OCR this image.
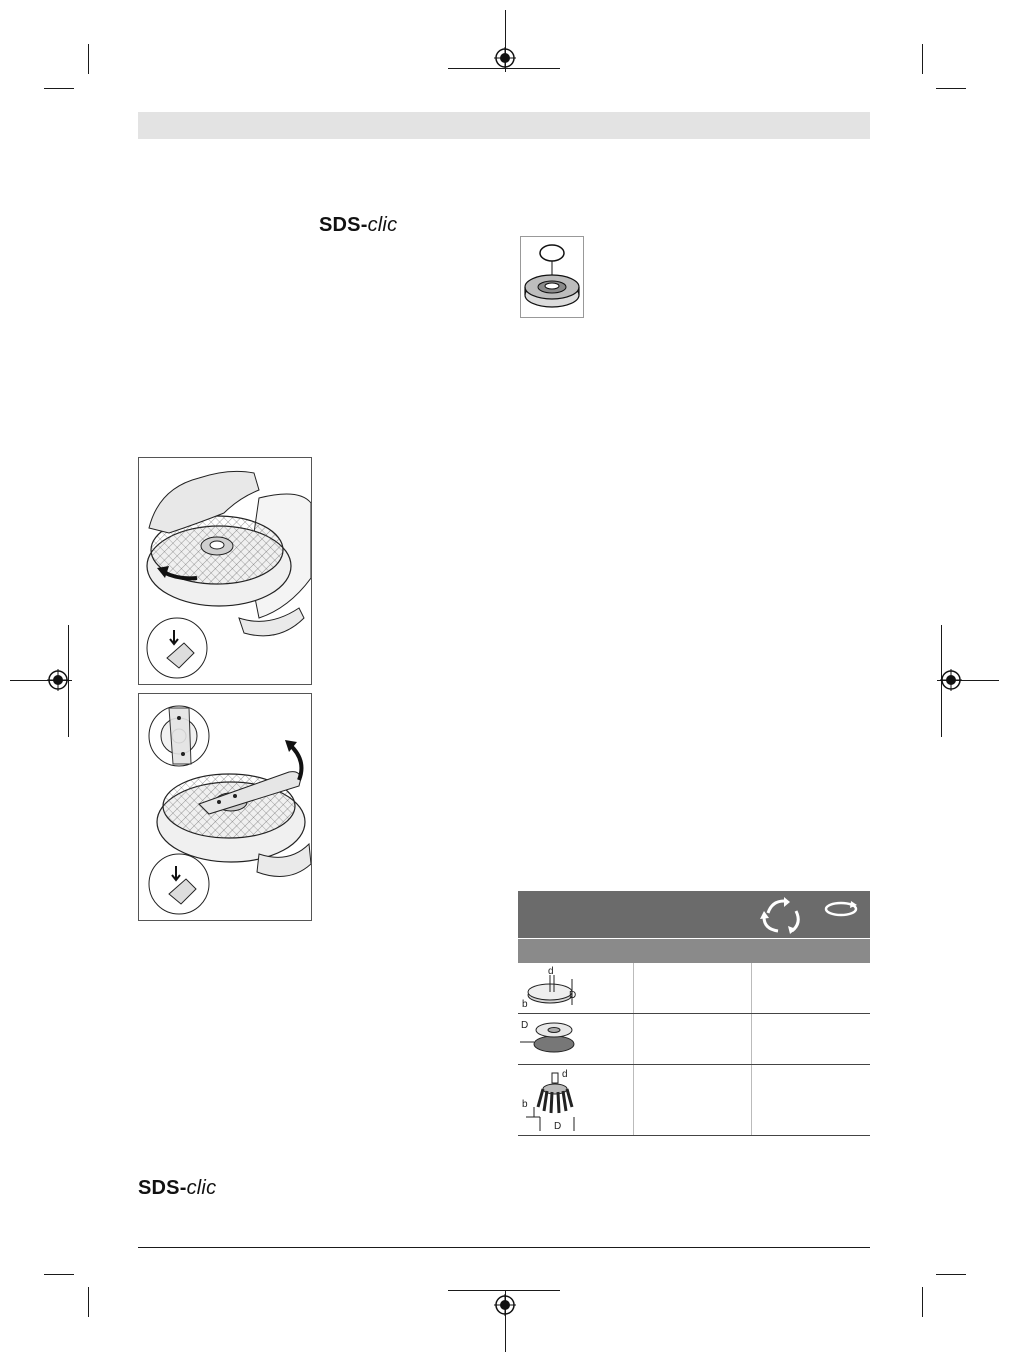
SDS-clic
d
b
D
D
d
b
D
SDS-clic
